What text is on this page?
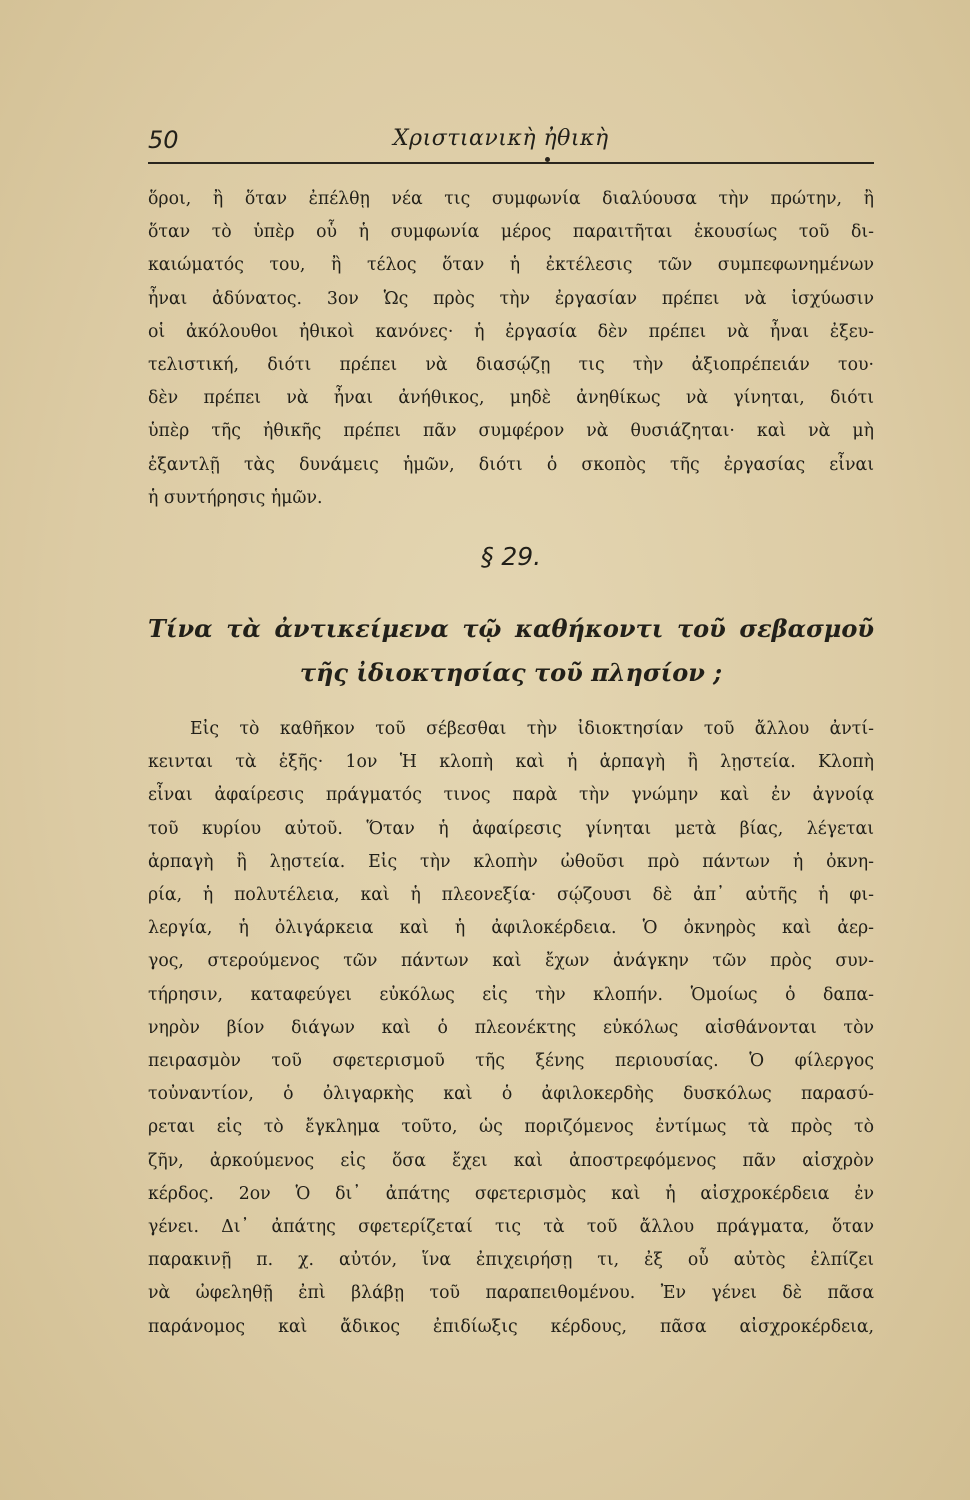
50	Χριστιανικὴ ἠθικὴ
ὅροι, ἢ ὅταν ἐπέλθῃ νέα τις συμφωνία διαλύουσα τὴν πρώτην, ἢ
ὅταν τὸ ὑπὲρ οὗ ἡ συμφωνία μέρος παραιτῆται ἑκουσίως τοῦ δι-
καιώματός του, ἢ τέλος ὅταν ἡ ἐκτέλεσις τῶν συμπεφωνημένων
ἦναι ἀδύνατος. 3ον Ὡς πρὸς τὴν ἐργασίαν πρέπει νὰ ἰσχύωσιν
οἱ ἀκόλουθοι ἠθικοὶ κανόνες· ἡ ἐργασία δὲν πρέπει νὰ ἦναι ἐξευ-
τελιστική, διότι πρέπει νὰ διασῴζῃ τις τὴν ἀξιοπρέπειάν του·
δὲν πρέπει νὰ ἦναι ἀνήθικος, μηδὲ ἀνηθίκως νὰ γίνηται, διότι
ὑπὲρ τῆς ἠθικῆς πρέπει πᾶν συμφέρον νὰ θυσιάζηται· καὶ νὰ μὴ
ἐξαντλῇ τὰς δυνάμεις ἡμῶν, διότι ὁ σκοπὸς τῆς ἐργασίας εἶναι
ἡ συντήρησις ἡμῶν.
§ 29.
Τίνα τὰ ἀντικείμενα τῷ καθήκοντι τοῦ σεβασμοῦ
τῆς ἰδιοκτησίας τοῦ πλησίον ;
Εἰς τὸ καθῆκον τοῦ σέβεσθαι τὴν ἰδιοκτησίαν τοῦ ἄλλου ἀντί-
κεινται τὰ ἑξῆς· 1ον Ἡ κλοπὴ καὶ ἡ ἁρπαγὴ ἢ λῃστεία. Κλοπὴ
εἶναι ἀφαίρεσις πράγματός τινος παρὰ τὴν γνώμην καὶ ἐν ἀγνοίᾳ
τοῦ κυρίου αὐτοῦ. Ὅταν ἡ ἀφαίρεσις γίνηται μετὰ βίας, λέγεται
ἁρπαγὴ ἢ λῃστεία. Εἰς τὴν κλοπὴν ὠθοῦσι πρὸ πάντων ἡ ὀκνη-
ρία, ἡ πολυτέλεια, καὶ ἡ πλεονεξία· σῴζουσι δὲ ἀπ᾽ αὐτῆς ἡ φι-
λεργία, ἡ ὀλιγάρκεια καὶ ἡ ἀφιλοκέρδεια. Ὁ ὀκνηρὸς καὶ ἀερ-
γος, στερούμενος τῶν πάντων καὶ ἔχων ἀνάγκην τῶν πρὸς συν-
τήρησιν, καταφεύγει εὐκόλως εἰς τὴν κλοπήν. Ὁμοίως ὁ δαπα-
νηρὸν βίον διάγων καὶ ὁ πλεονέκτης εὐκόλως αἰσθάνονται τὸν
πειρασμὸν τοῦ σφετερισμοῦ τῆς ξένης περιουσίας. Ὁ φίλεργος
τοὐναντίον, ὁ ὀλιγαρκὴς καὶ ὁ ἀφιλοκερδὴς δυσκόλως παρασύ-
ρεται εἰς τὸ ἔγκλημα τοῦτο, ὡς ποριζόμενος ἐντίμως τὰ πρὸς τὸ
ζῆν, ἀρκούμενος εἰς ὅσα ἔχει καὶ ἀποστρεφόμενος πᾶν αἰσχρὸν
κέρδος. 2ον Ὁ δι᾽ ἀπάτης σφετερισμὸς καὶ ἡ αἰσχροκέρδεια ἐν
γένει. Δι᾽ ἀπάτης σφετερίζεταί τις τὰ τοῦ ἄλλου πράγματα, ὅταν
παρακινῇ π. χ. αὐτόν, ἵνα ἐπιχειρήσῃ τι, ἐξ οὗ αὐτὸς ἐλπίζει
νὰ ὠφεληθῇ ἐπὶ βλάβῃ τοῦ παραπειθομένου. Ἐν γένει δὲ πᾶσα
παράνομος καὶ ἄδικος ἐπιδίωξις κέρδους, πᾶσα αἰσχροκέρδεια,
